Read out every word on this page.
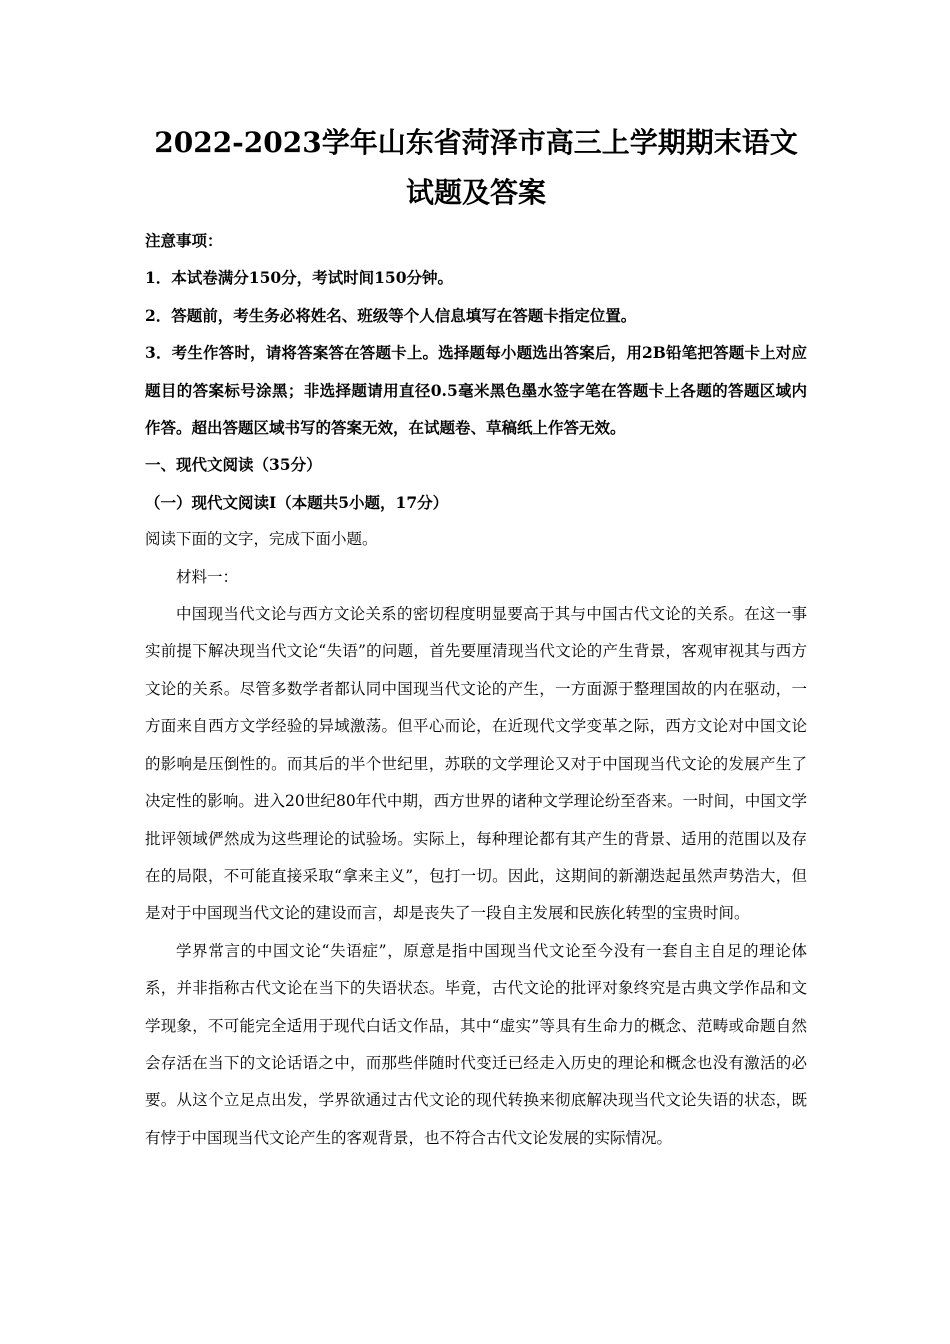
2022-2023学年山东省菏泽市高三上学期期末语文试题及答案

注意事项：

1．本试卷满分150分，考试时间150分钟。

2．答题前，考生务必将姓名、班级等个人信息填写在答题卡指定位置。

3．考生作答时，请将答案答在答题卡上。选择题每小题选出答案后，用2B铅笔把答题卡上对应题目的答案标号涂黑；非选择题请用直径0.5毫米黑色墨水签字笔在答题卡上各题的答题区域内作答。超出答题区域书写的答案无效，在试题卷、草稿纸上作答无效。

一、现代文阅读（35分）

（一）现代文阅读Ⅰ（本题共5小题，17分）

阅读下面的文字，完成下面小题。

材料一：

中国现当代文论与西方文论关系的密切程度明显要高于其与中国古代文论的关系。在这一事实前提下解决现当代文论“失语”的问题，首先要厘清现当代文论的产生背景，客观审视其与西方文论的关系。尽管多数学者都认同中国现当代文论的产生，一方面源于整理国故的内在驱动，一方面来自西方文学经验的异域激荡。但平心而论，在近现代文学变革之际，西方文论对中国文论的影响是压倒性的。而其后的半个世纪里，苏联的文学理论又对于中国现当代文论的发展产生了决定性的影响。进入20世纪80年代中期，西方世界的诸种文学理论纷至沓来。一时间，中国文学批评领域俨然成为这些理论的试验场。实际上，每种理论都有其产生的背景、适用的范围以及存在的局限，不可能直接采取“拿来主义”，包打一切。因此，这期间的新潮迭起虽然声势浩大，但是对于中国现当代文论的建设而言，却是丧失了一段自主发展和民族化转型的宝贵时间。

学界常言的中国文论“失语症”，原意是指中国现当代文论至今没有一套自主自足的理论体系，并非指称古代文论在当下的失语状态。毕竟，古代文论的批评对象终究是古典文学作品和文学现象，不可能完全适用于现代白话文作品，其中“虚实”等具有生命力的概念、范畴或命题自然会存活在当下的文论话语之中，而那些伴随时代变迁已经走入历史的理论和概念也没有激活的必要。从这个立足点出发，学界欲通过古代文论的现代转换来彻底解决现当代文论失语的状态，既有悖于中国现当代文论产生的客观背景，也不符合古代文论发展的实际情况。
